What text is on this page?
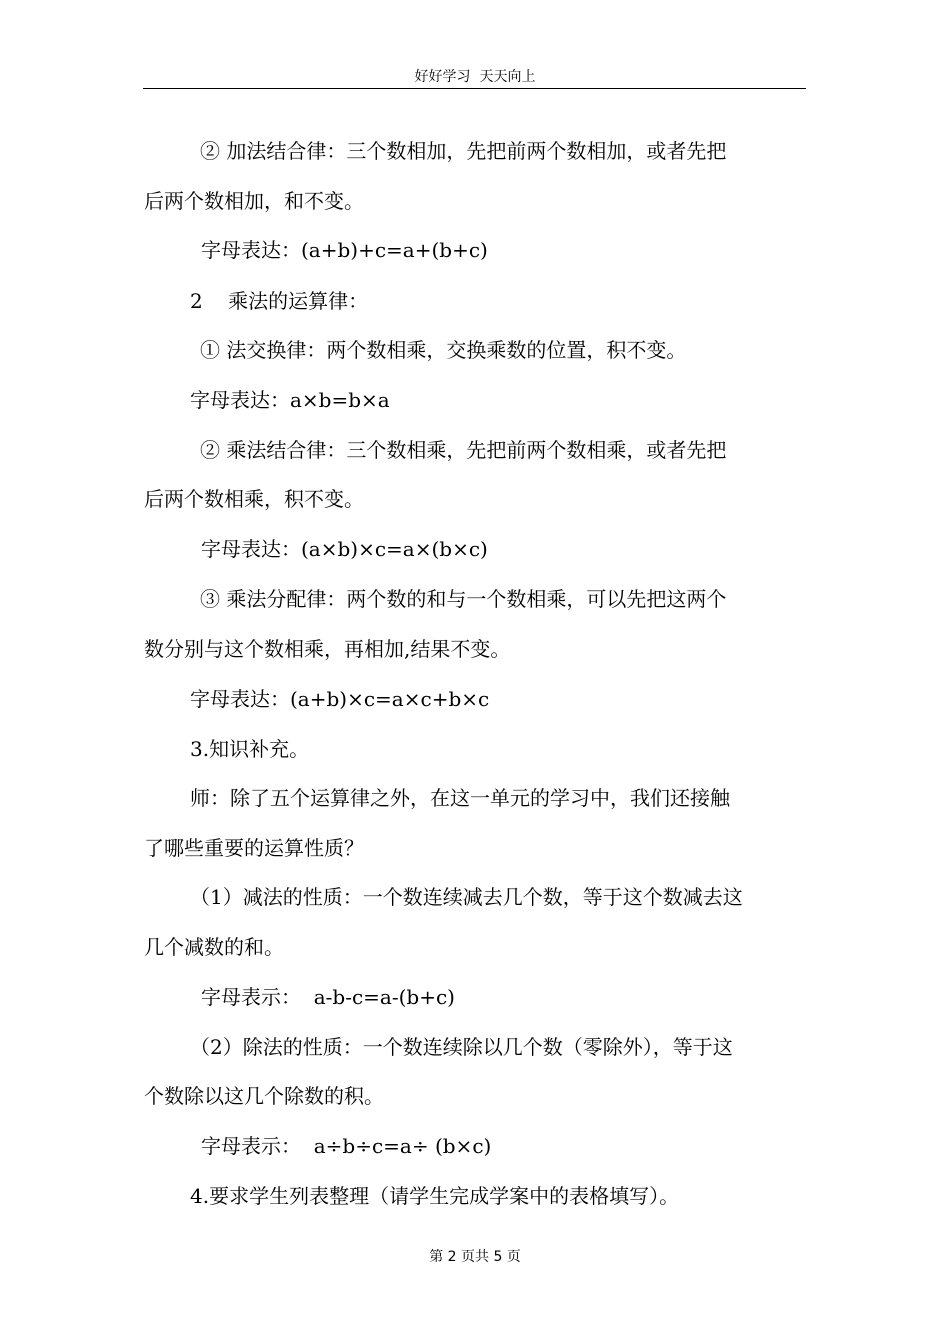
好好学习  天天向上
② 加法结合律：三个数相加，先把前两个数相加，或者先把
后两个数相加，和不变。
字母表达：(a+b)+c=a+(b+c)
2    乘法的运算律：
① 法交换律：两个数相乘，交换乘数的位置，积不变。
字母表达：a×b=b×a
② 乘法结合律：三个数相乘，先把前两个数相乘，或者先把
后两个数相乘，积不变。
字母表达：(a×b)×c=a×(b×c)
③ 乘法分配律：两个数的和与一个数相乘，可以先把这两个
数分别与这个数相乘，再相加,结果不变。
字母表达：(a+b)×c=a×c+b×c
3.知识补充。
师：除了五个运算律之外，在这一单元的学习中，我们还接触
了哪些重要的运算性质？
（1）减法的性质：一个数连续减去几个数，等于这个数减去这
几个减数的和。
字母表示：  a-b-c=a-(b+c)
（2）除法的性质：一个数连续除以几个数（零除外），等于这
个数除以这几个除数的积。
字母表示：  a÷b÷c=a÷ (b×c)
4.要求学生列表整理（请学生完成学案中的表格填写）。
第 2 页共 5 页
